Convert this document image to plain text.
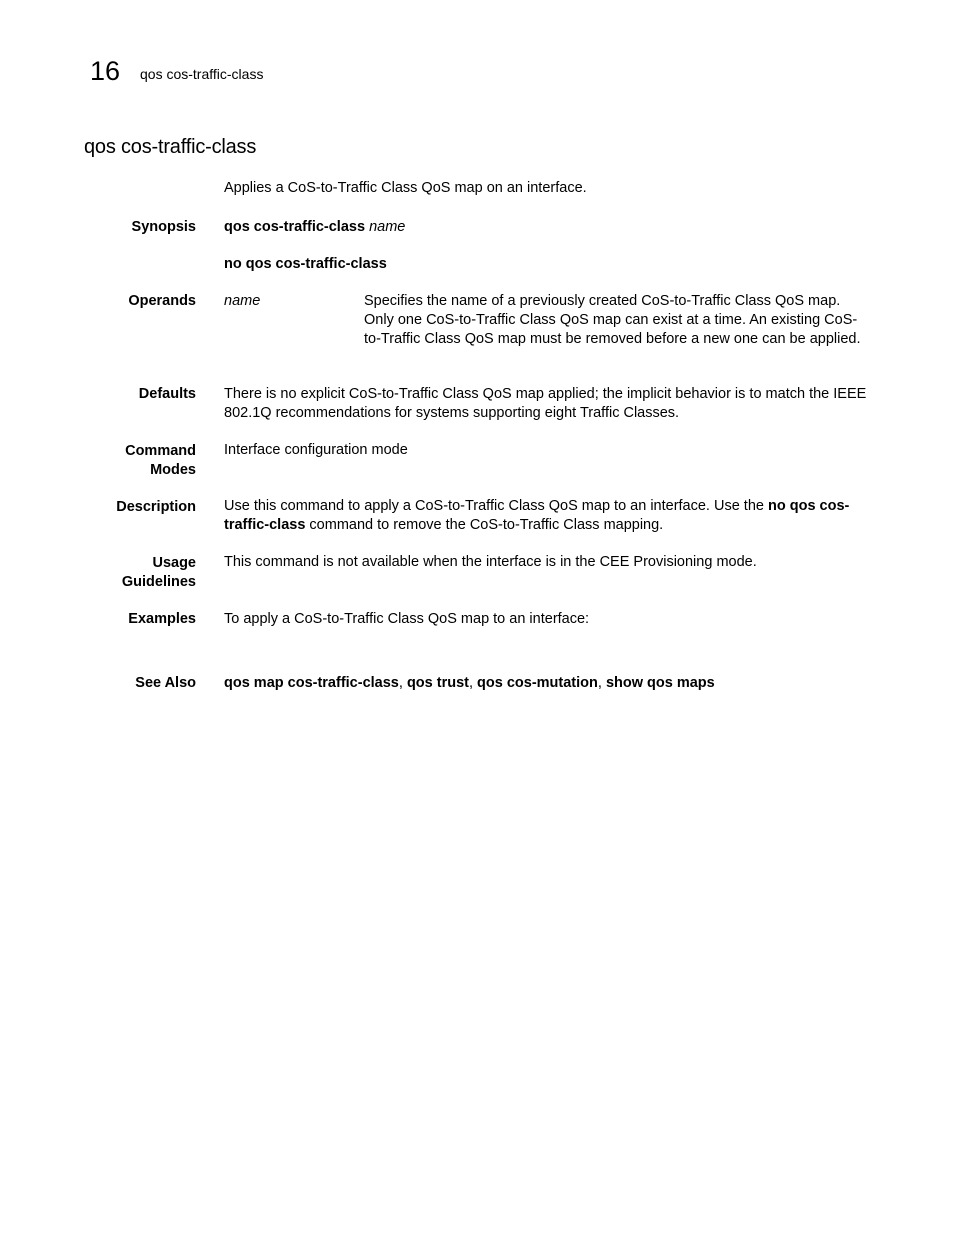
16 qos cos-traffic-class
qos cos-traffic-class
Applies a CoS-to-Traffic Class QoS map on an interface.
Synopsis qos cos-traffic-class name
no qos cos-traffic-class
Operands name	Specifies the name of a previously created CoS-to-Traffic Class QoS map. Only one CoS-to-Traffic Class QoS map can exist at a time. An existing CoS-to-Traffic Class QoS map must be removed before a new one can be applied.
Defaults There is no explicit CoS-to-Traffic Class QoS map applied; the implicit behavior is to match the IEEE 802.1Q recommendations for systems supporting eight Traffic Classes.
Command
Modes
Interface configuration mode
Description Use this command to apply a CoS-to-Traffic Class QoS map to an interface. Use the no qos cos-traffic-class command to remove the CoS-to-Traffic Class mapping.
Usage
Guidelines
This command is not available when the interface is in the CEE Provisioning mode.
Examples To apply a CoS-to-Traffic Class QoS map to an interface:
See Also qos map cos-traffic-class, qos trust, qos cos-mutation, show qos maps
